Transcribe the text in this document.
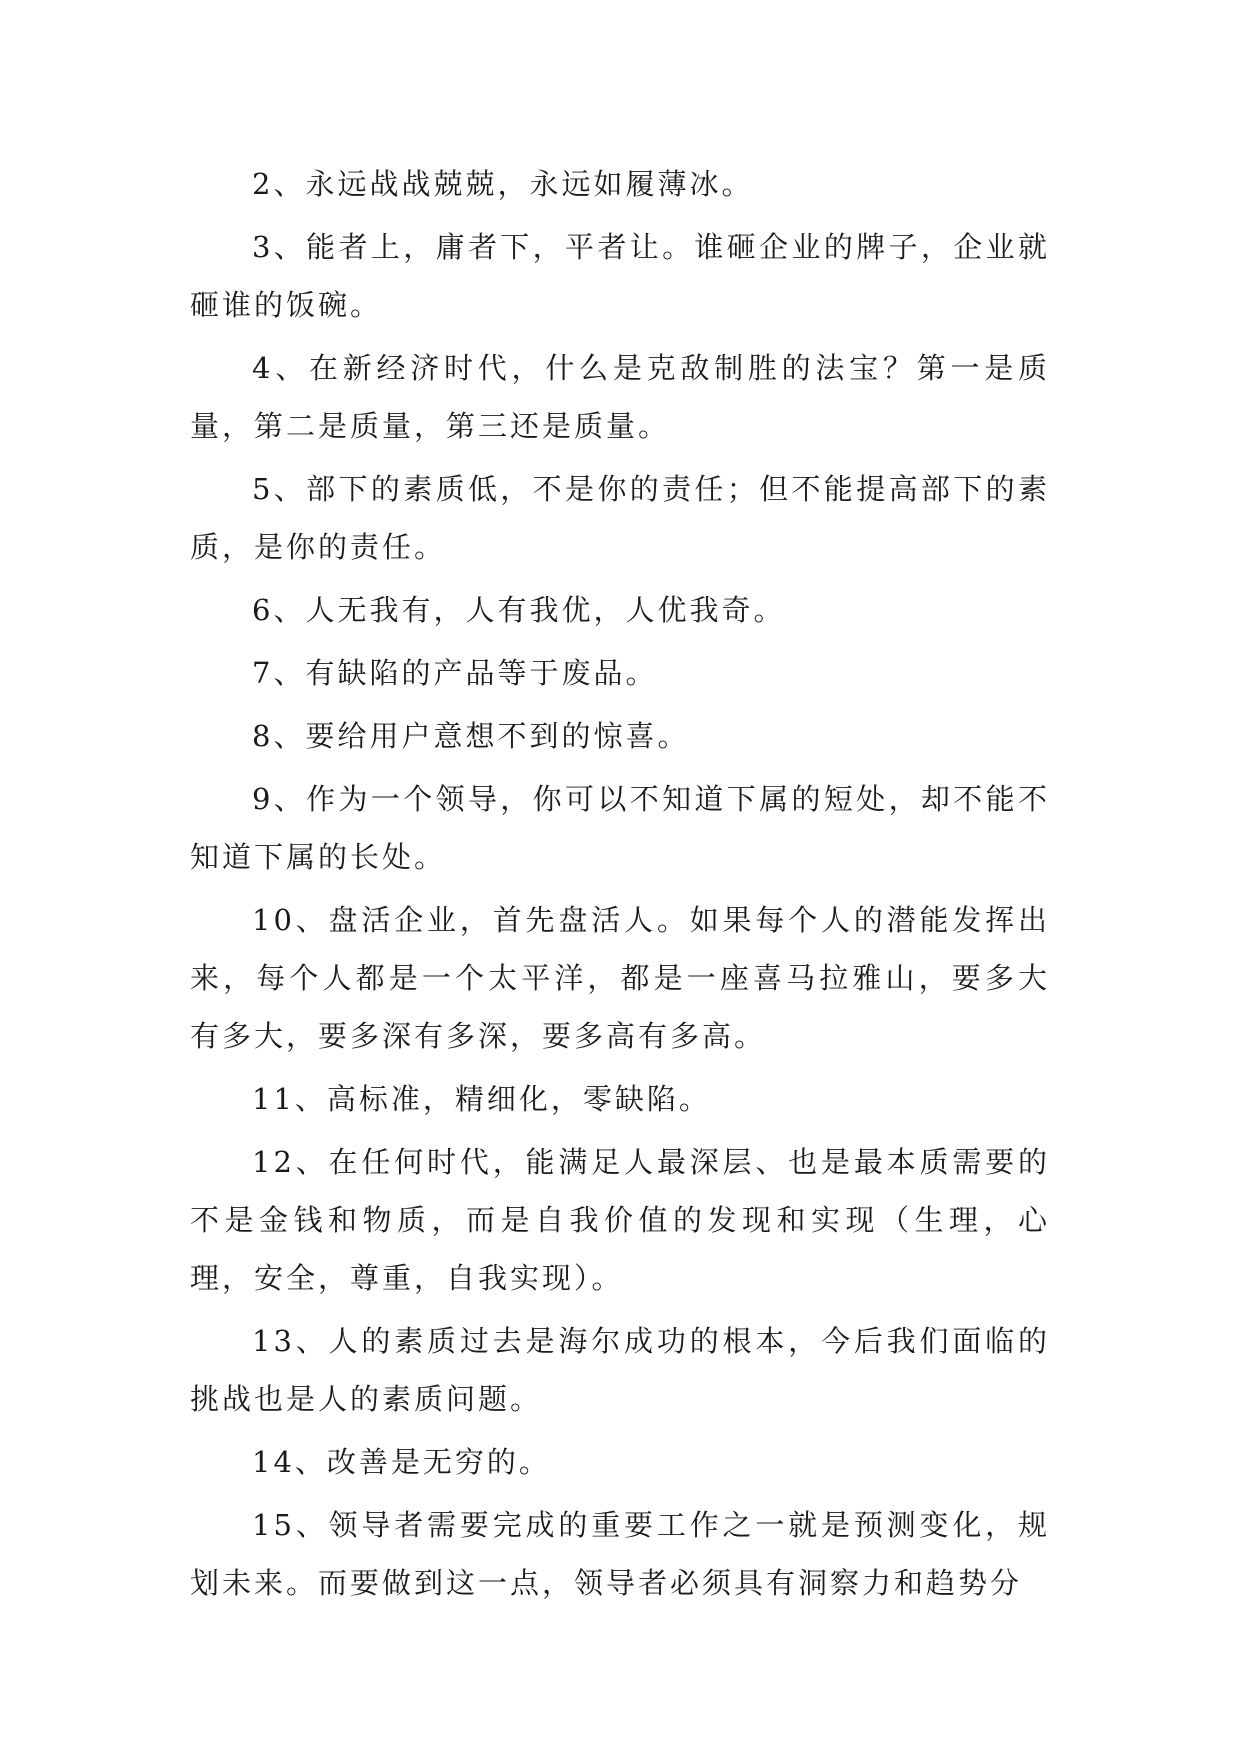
2、永远战战兢兢，永远如履薄冰。

3、能者上，庸者下，平者让。谁砸企业的牌子，企业就砸谁的饭碗。

4、在新经济时代，什么是克敌制胜的法宝？第一是质量，第二是质量，第三还是质量。

5、部下的素质低，不是你的责任；但不能提高部下的素质，是你的责任。

6、人无我有，人有我优，人优我奇。

7、有缺陷的产品等于废品。

8、要给用户意想不到的惊喜。

9、作为一个领导，你可以不知道下属的短处，却不能不知道下属的长处。

10、盘活企业，首先盘活人。如果每个人的潜能发挥出来，每个人都是一个太平洋，都是一座喜马拉雅山，要多大有多大，要多深有多深，要多高有多高。

11、高标准，精细化，零缺陷。

12、在任何时代，能满足人最深层、也是最本质需要的不是金钱和物质，而是自我价值的发现和实现（生理，心理，安全，尊重，自我实现）。

13、人的素质过去是海尔成功的根本，今后我们面临的挑战也是人的素质问题。

14、改善是无穷的。

15、领导者需要完成的重要工作之一就是预测变化，规划未来。而要做到这一点，领导者必须具有洞察力和趋势分
